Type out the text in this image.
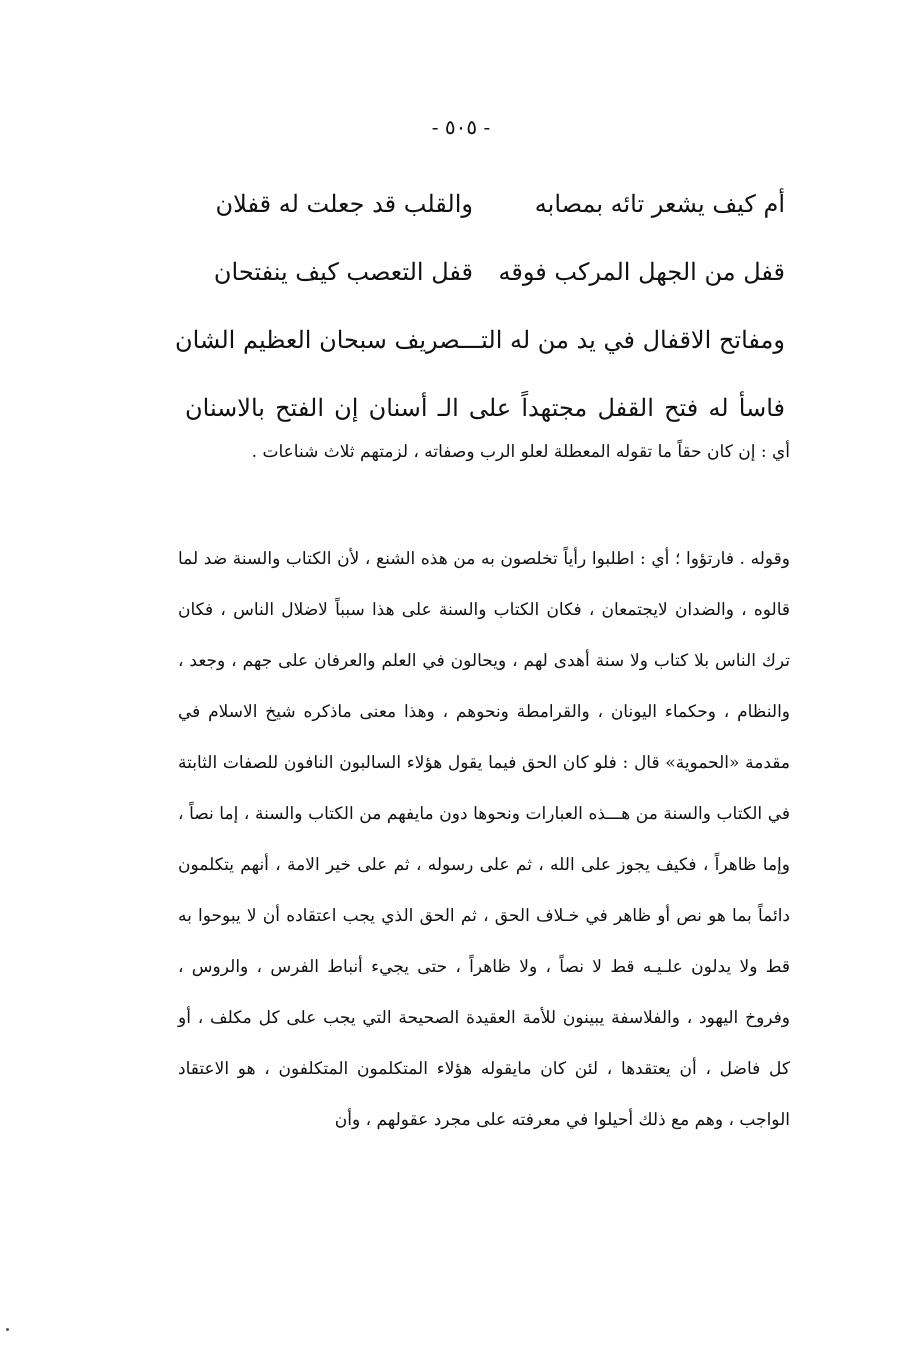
- ٥٠٥ -
أم كيف يشعر تائه بمصابه
والقلب قد جعلت له قفلان
قفل من الجهل المركب فوقه
قفل التعصب كيف ينفتحان
ومفاتح الاقفال في يد من له التـــصريف سبحان العظيم الشان
فاسأ له فتح القفل مجتهداً على الـ أسنان إن الفتح بالاسنان
أي : إن كان حقاً ما تقوله المعطلة لعلو الرب وصفاته ، لزمتهم ثلاث شناعات .
وقوله . فارتؤوا ؛ أي : اطلبوا رأياً تخلصون به من هذه الشنع ، لأن الكتاب والسنة ضد لما قالوه ، والضدان لايجتمعان ، فكان الكتاب والسنة على هذا سبباً لاضلال الناس ، فكان ترك الناس بلا كتاب ولا سنة أهدى لهم ، ويحالون في العلم والعرفان على جهم ، وجعد ، والنظام ، وحكماء اليونان ، والقرامطة ونحوهم ، وهذا معنى ماذكره شيخ الاسلام في مقدمة «الحموية» قال : فلو كان الحق فيما يقول هؤلاء السالبون النافون للصفات الثابتة في الكتاب والسنة من هـــذه العبارات ونحوها دون مايفهم من الكتاب والسنة ، إما نصاً ، وإما ظاهراً ، فكيف يجوز على الله ، ثم على رسوله ، ثم على خير الامة ، أنهم يتكلمون دائماً بما هو نص أو ظاهر في خـلاف الحق ، ثم الحق الذي يجب اعتقاده أن لا يبوحوا به قط ولا يدلون علـيـه قط لا نصاً ، ولا ظاهراً ، حتى يجيء أنباط الفرس ، والروس ، وفروخ اليهود ، والفلاسفة يبينون للأمة العقيدة الصحيحة التي يجب على كل مكلف ، أو كل فاضل ، أن يعتقدها ، لئن كان مايقوله هؤلاء المتكلمون المتكلفون ، هو الاعتقاد الواجب ، وهم مع ذلك أحيلوا في معرفته على مجرد عقولهم ، وأن
